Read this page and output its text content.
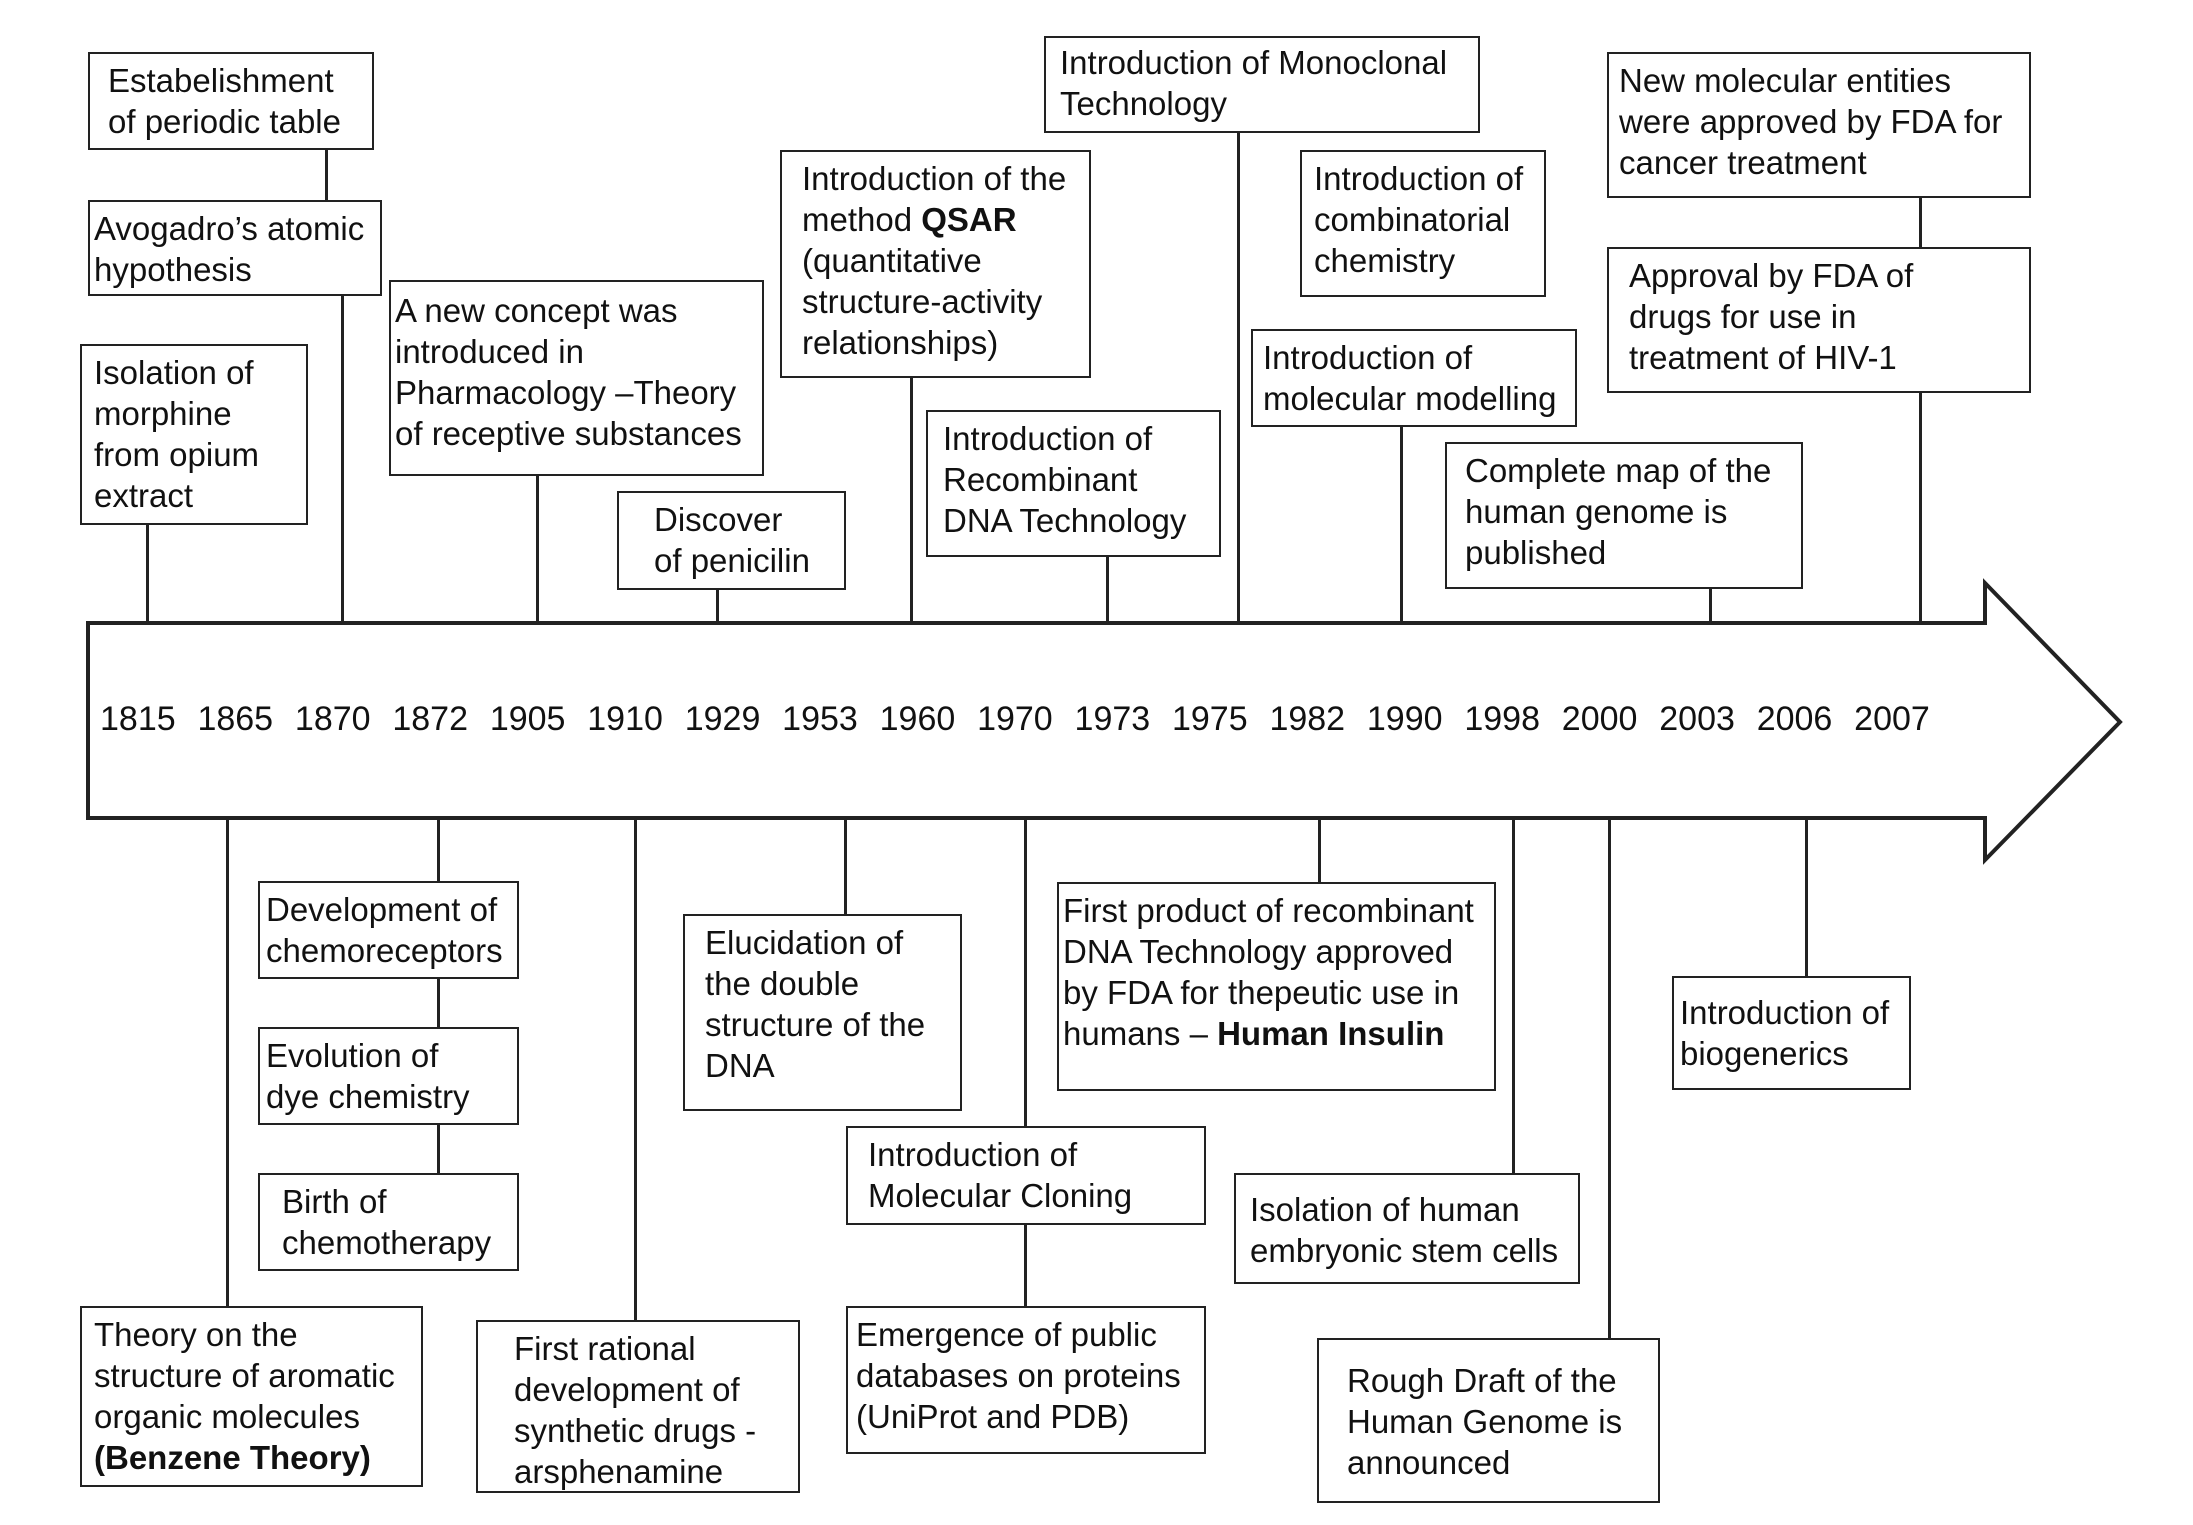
1815 1865 1870 1872 1905 1910 1929 1953 1960 1970 1973 1975 1982 1990 1998 2000 2003 2006 2007
Estabelishment
of periodic table
Avogadro’s atomic
hypothesis
Isolation of
morphine
from opium
extract
A new concept was
introduced in
Pharmacology –Theory
of receptive substances
Discover
of penicilin
Introduction of the
method QSAR
(quantitative
structure-activity
relationships)
Introduction of
Recombinant
DNA Technology
Introduction of Monoclonal
Technology
Introduction of
combinatorial
chemistry
Introduction of
molecular modelling
Complete map of the
human genome is
published
New molecular entities
were approved by FDA for
cancer treatment
Approval by FDA of
drugs for use in
treatment of HIV-1
Development of
chemoreceptors
Evolution of
dye chemistry
Birth of
chemotherapy
Theory on the
structure of aromatic
organic molecules
(Benzene Theory)
First rational
development of
synthetic drugs -
arsphenamine
Elucidation of
the double
structure of the
DNA
Introduction of
Molecular Cloning
Emergence of public
databases on proteins
(UniProt and PDB)
First product of recombinant
DNA Technology approved
by FDA for thepeutic use in
humans – Human Insulin
Isolation of human
embryonic stem cells
Rough Draft of the
Human Genome is
announced
Introduction of
biogenerics
